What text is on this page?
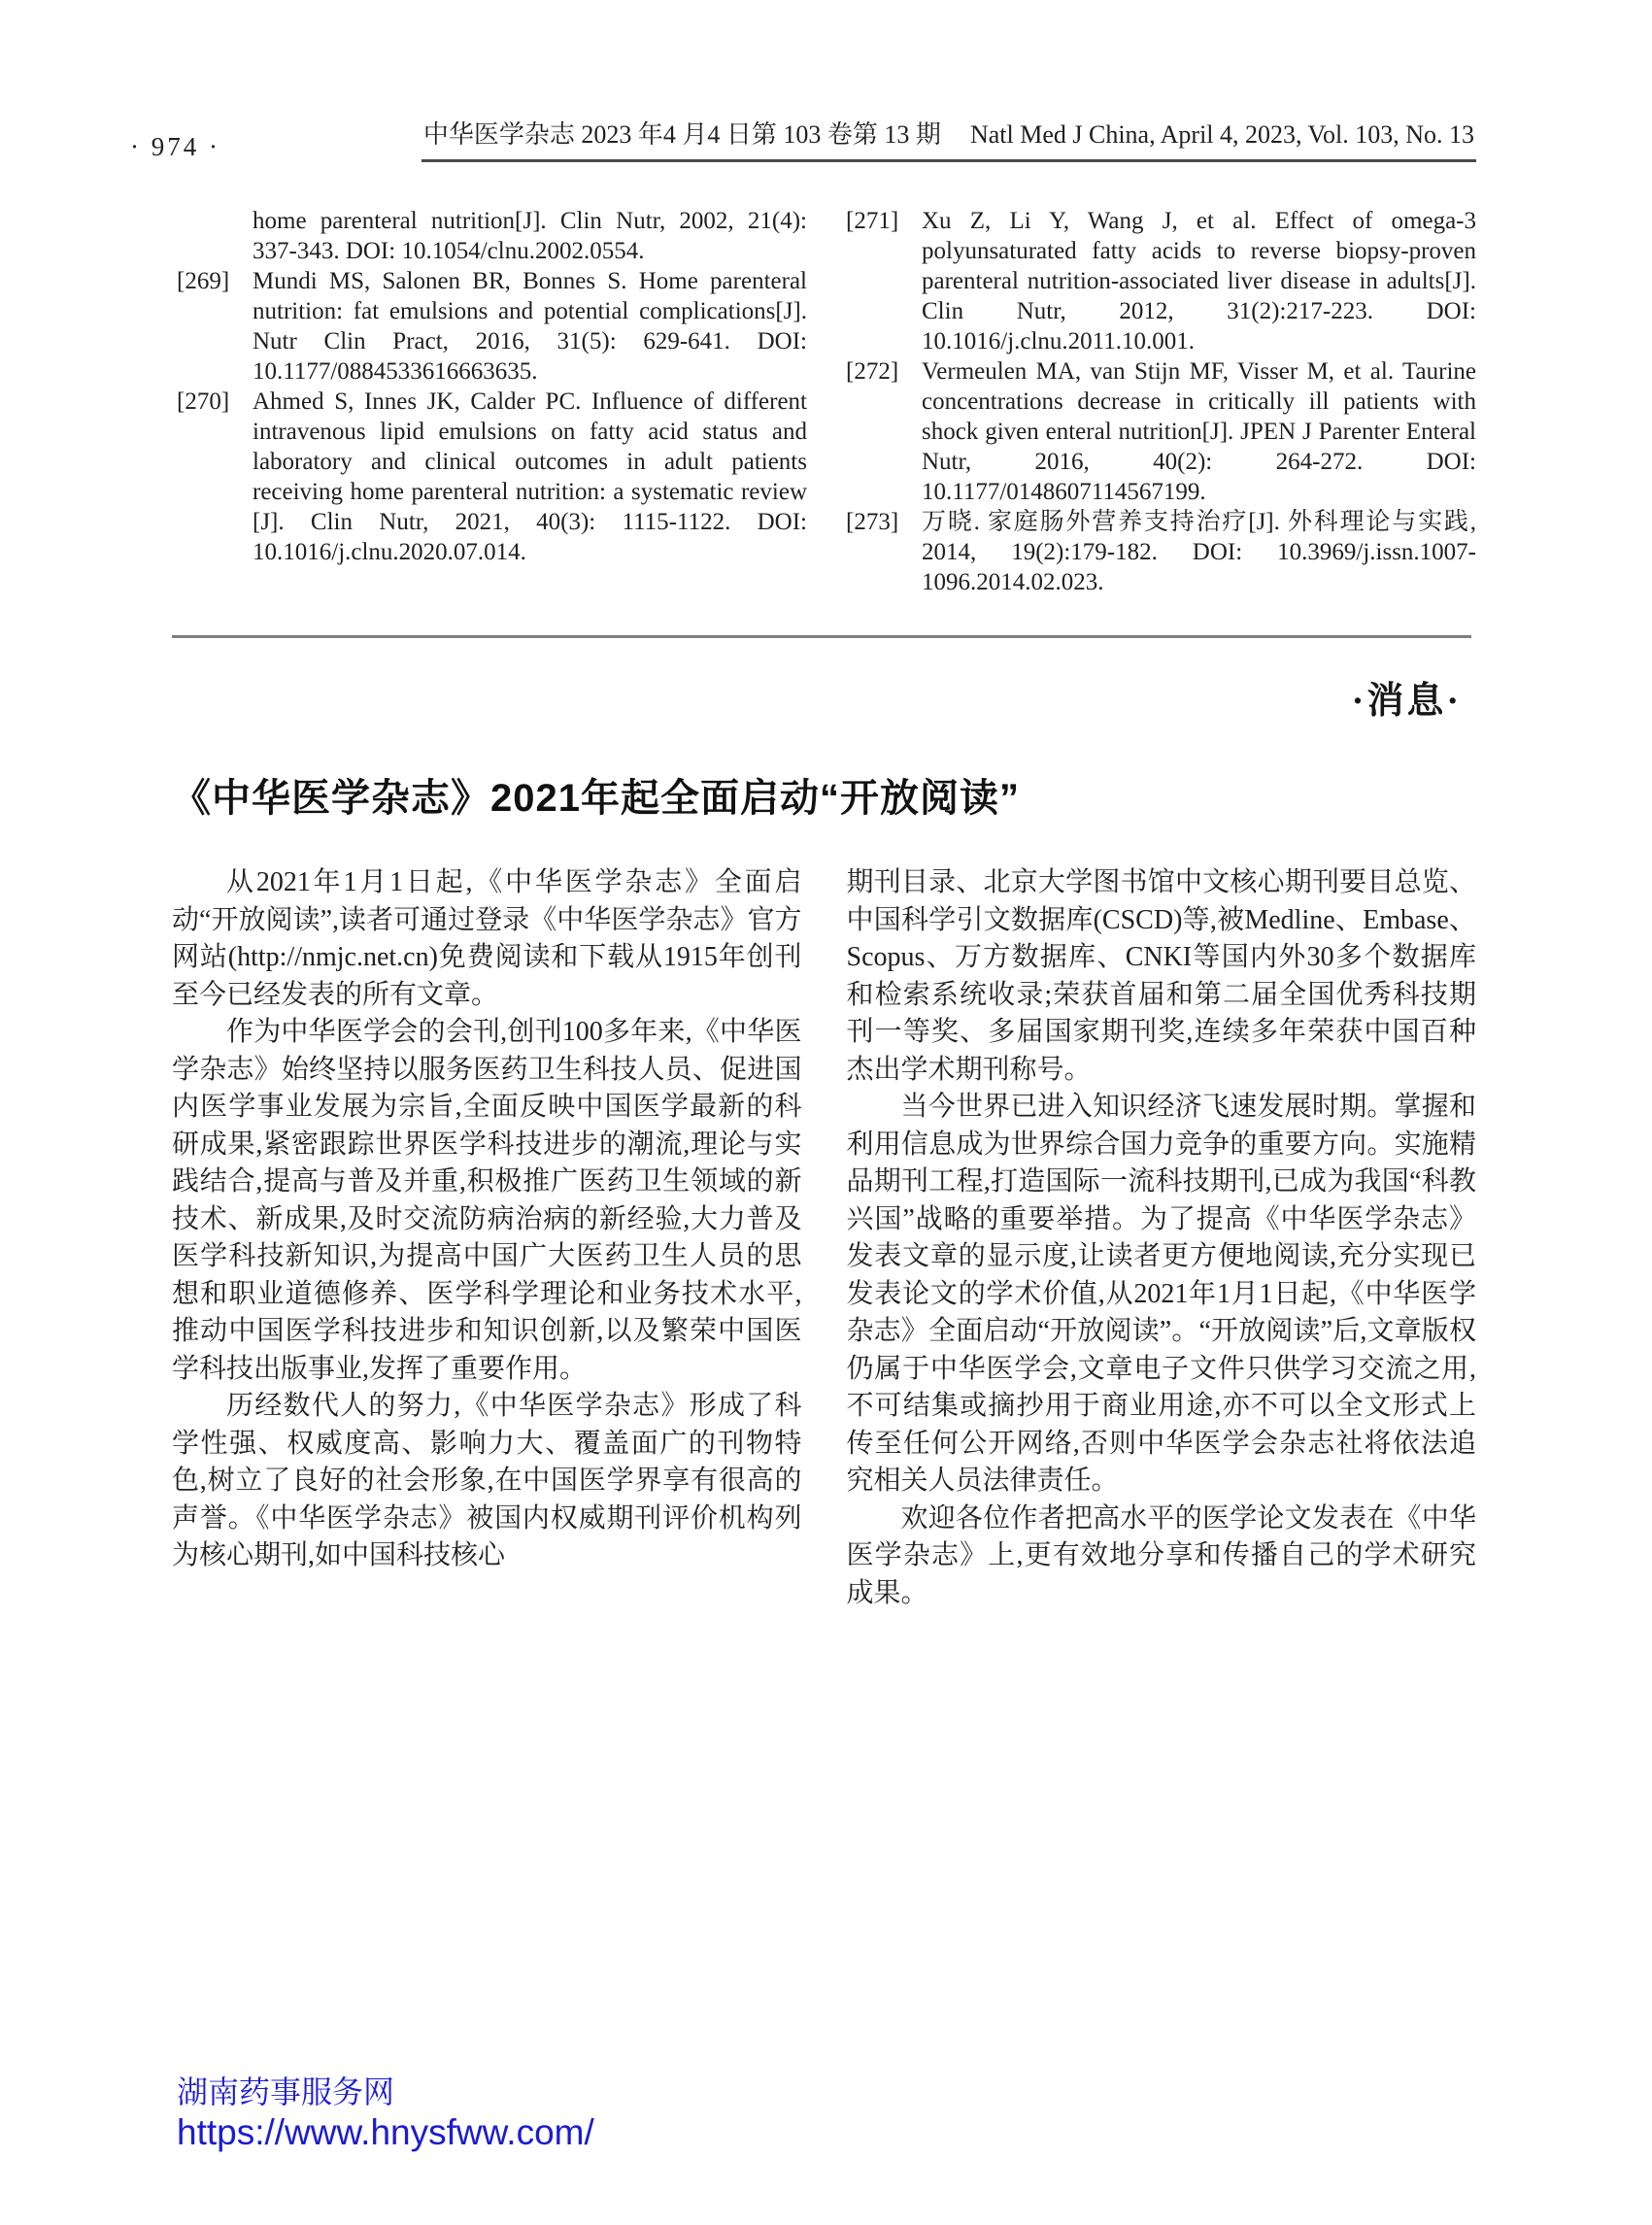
· 974 ·	中华医学杂志 2023 年4 月4 日第 103 卷第 13 期 Natl Med J China, April 4, 2023, Vol. 103, No. 13
home parenteral nutrition[J]. Clin Nutr, 2002, 21(4): 337-343. DOI: 10.1054/clnu.2002.0554.
[269] Mundi MS, Salonen BR, Bonnes S. Home parenteral nutrition: fat emulsions and potential complications[J]. Nutr Clin Pract, 2016, 31(5): 629-641. DOI: 10.1177/0884533616663635.
[270] Ahmed S, Innes JK, Calder PC. Influence of different intravenous lipid emulsions on fatty acid status and laboratory and clinical outcomes in adult patients receiving home parenteral nutrition: a systematic review [J]. Clin Nutr, 2021, 40(3): 1115-1122. DOI: 10.1016/j.clnu.2020.07.014.
[271] Xu Z, Li Y, Wang J, et al. Effect of omega-3 polyunsaturated fatty acids to reverse biopsy-proven parenteral nutrition-associated liver disease in adults[J]. Clin Nutr, 2012, 31(2):217-223. DOI: 10.1016/j.clnu.2011.10.001.
[272] Vermeulen MA, van Stijn MF, Visser M, et al. Taurine concentrations decrease in critically ill patients with shock given enteral nutrition[J]. JPEN J Parenter Enteral Nutr, 2016, 40(2): 264-272. DOI: 10.1177/0148607114567199.
[273] 万晓. 家庭肠外营养支持治疗[J]. 外科理论与实践, 2014, 19(2):179-182. DOI: 10.3969/j.issn.1007-1096.2014.02.023.
·消息·
《中华医学杂志》2021年起全面启动“开放阅读”

从2021年1月1日起,《中华医学杂志》全面启动“开放阅读”,读者可通过登录《中华医学杂志》官方网站(http://nmjc.net.cn)免费阅读和下载从1915年创刊至今已经发表的所有文章。

作为中华医学会的会刊,创刊100多年来,《中华医学杂志》始终坚持以服务医药卫生科技人员、促进国内医学事业发展为宗旨,全面反映中国医学最新的科研成果,紧密跟踪世界医学科技进步的潮流,理论与实践结合,提高与普及并重,积极推广医药卫生领域的新技术、新成果,及时交流防病治病的新经验,大力普及医学科技新知识,为提高中国广大医药卫生人员的思想和职业道德修养、医学科学理论和业务技术水平,推动中国医学科技进步和知识创新,以及繁荣中国医学科技出版事业,发挥了重要作用。

历经数代人的努力,《中华医学杂志》形成了科学性强、权威度高、影响力大、覆盖面广的刊物特色,树立了良好的社会形象,在中国医学界享有很高的声誉。《中华医学杂志》被国内权威期刊评价机构列为核心期刊,如中国科技核心

期刊目录、北京大学图书馆中文核心期刊要目总览、中国科学引文数据库(CSCD)等,被Medline、Embase、Scopus、万方数据库、CNKI等国内外30多个数据库和检索系统收录;荣获首届和第二届全国优秀科技期刊一等奖、多届国家期刊奖,连续多年荣获中国百种杰出学术期刊称号。

当今世界已进入知识经济飞速发展时期。掌握和利用信息成为世界综合国力竞争的重要方向。实施精品期刊工程,打造国际一流科技期刊,已成为我国“科教兴国”战略的重要举措。为了提高《中华医学杂志》发表文章的显示度,让读者更方便地阅读,充分实现已发表论文的学术价值,从2021年1月1日起,《中华医学杂志》全面启动“开放阅读”。“开放阅读”后,文章版权仍属于中华医学会,文章电子文件只供学习交流之用,不可结集或摘抄用于商业用途,亦不可以全文形式上传至任何公开网络,否则中华医学会杂志社将依法追究相关人员法律责任。

欢迎各位作者把高水平的医学论文发表在《中华医学杂志》上,更有效地分享和传播自己的学术研究成果。

湖南药事服务网
https://www.hnysfww.com/
